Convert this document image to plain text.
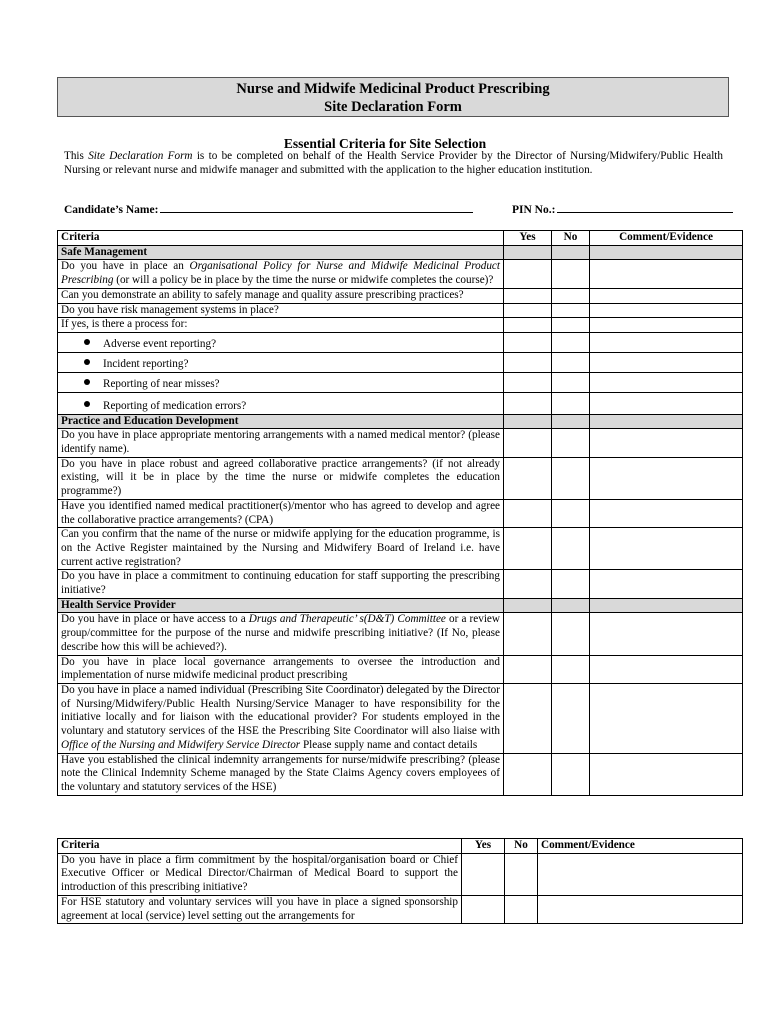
Nurse and Midwife Medicinal Product Prescribing
Site Declaration Form
Essential Criteria for Site Selection
This Site Declaration Form is to be completed on behalf of the Health Service Provider by the Director of Nursing/Midwifery/Public Health Nursing or relevant nurse and midwife manager and submitted with the application to the higher education institution.
Candidate’s Name:	PIN No.:
Criteria	Yes	No	Comment/Evidence
Safe Management			
Do you have in place an Organisational Policy for Nurse and Midwife Medicinal Product Prescribing (or will a policy be in place by the time the nurse or midwife completes the course)?			
Can you demonstrate an ability to safely manage and quality assure prescribing practices?			
Do you have risk management systems in place?			
If yes, is there a process for:			

Adverse event reporting?			

Incident reporting?			

Reporting of near misses?			

Reporting of medication errors?			

Practice and Education Development			
Do you have in place appropriate mentoring arrangements with a named medical mentor? (please identify name).			
Do you have in place robust and agreed collaborative practice arrangements? (if not already existing, will it be in place by the time the nurse or midwife completes the education programme?)			
Have you identified named medical practitioner(s)/mentor who has agreed to develop and agree the collaborative practice arrangements? (CPA)			
Can you confirm that the name of the nurse or midwife applying for the education programme, is on the Active Register maintained by the Nursing and Midwifery Board of Ireland i.e. have current active registration?			
Do you have in place a commitment to continuing education for staff supporting the prescribing initiative?			
Health Service Provider			
Do you have in place or have access to a Drugs and Therapeutic’ s(D&T) Committee or a review group/committee for the purpose of the nurse and midwife prescribing initiative? (If No, please describe how this will be achieved?).			
Do you have in place local governance arrangements to oversee the introduction and implementation of nurse midwife medicinal product prescribing			
Do you have in place a named individual (Prescribing Site Coordinator) delegated by the Director of Nursing/Midwifery/Public Health Nursing/Service Manager to have responsibility for the initiative locally and for liaison with the educational provider? For students employed in the voluntary and statutory services of the HSE the Prescribing Site Coordinator will also liaise with Office of the Nursing and Midwifery Service Director Please supply name and contact details			
Have you established the clinical indemnity arrangements for nurse/midwife prescribing? (please note the Clinical Indemnity Scheme managed by the State Claims Agency covers employees of the voluntary and statutory services of the HSE)			
Criteria	Yes	No	Comment/Evidence
Do you have in place a firm commitment by the hospital/organisation board or Chief Executive Officer or Medical Director/Chairman of Medical Board to support the introduction of this prescribing initiative?			
For HSE statutory and voluntary services will you have in place a signed sponsorship agreement at local (service) level setting out the arrangements for			
